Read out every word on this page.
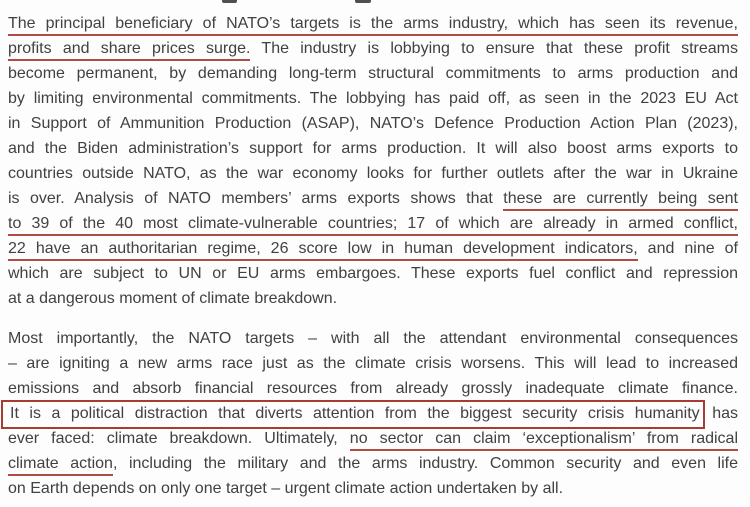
The principal beneficiary of NATO’s targets is the arms industry, which has seen its revenue,
profits and share prices surge. The industry is lobbying to ensure that these profit streams
become permanent, by demanding long-term structural commitments to arms production and
by limiting environmental commitments. The lobbying has paid off, as seen in the 2023 EU Act
in Support of Ammunition Production (ASAP), NATO’s Defence Production Action Plan (2023),
and the Biden administration’s support for arms production. It will also boost arms exports to
countries outside NATO, as the war economy looks for further outlets after the war in Ukraine
is over. Analysis of NATO members’ arms exports shows that these are currently being sent
to 39 of the 40 most climate-vulnerable countries; 17 of which are already in armed conflict,
22 have an authoritarian regime, 26 score low in human development indicators, and nine of
which are subject to UN or EU arms embargoes. These exports fuel conflict and repression
at a dangerous moment of climate breakdown.

Most importantly, the NATO targets – with all the attendant environmental consequences
– are igniting a new arms race just as the climate crisis worsens. This will lead to increased
emissions and absorb financial resources from already grossly inadequate climate finance.
It is a political distraction that diverts attention from the biggest security crisis humanity has
ever faced: climate breakdown. Ultimately, no sector can claim ‘exceptionalism’ from radical
climate action, including the military and the arms industry. Common security and even life
on Earth depends on only one target – urgent climate action undertaken by all.
